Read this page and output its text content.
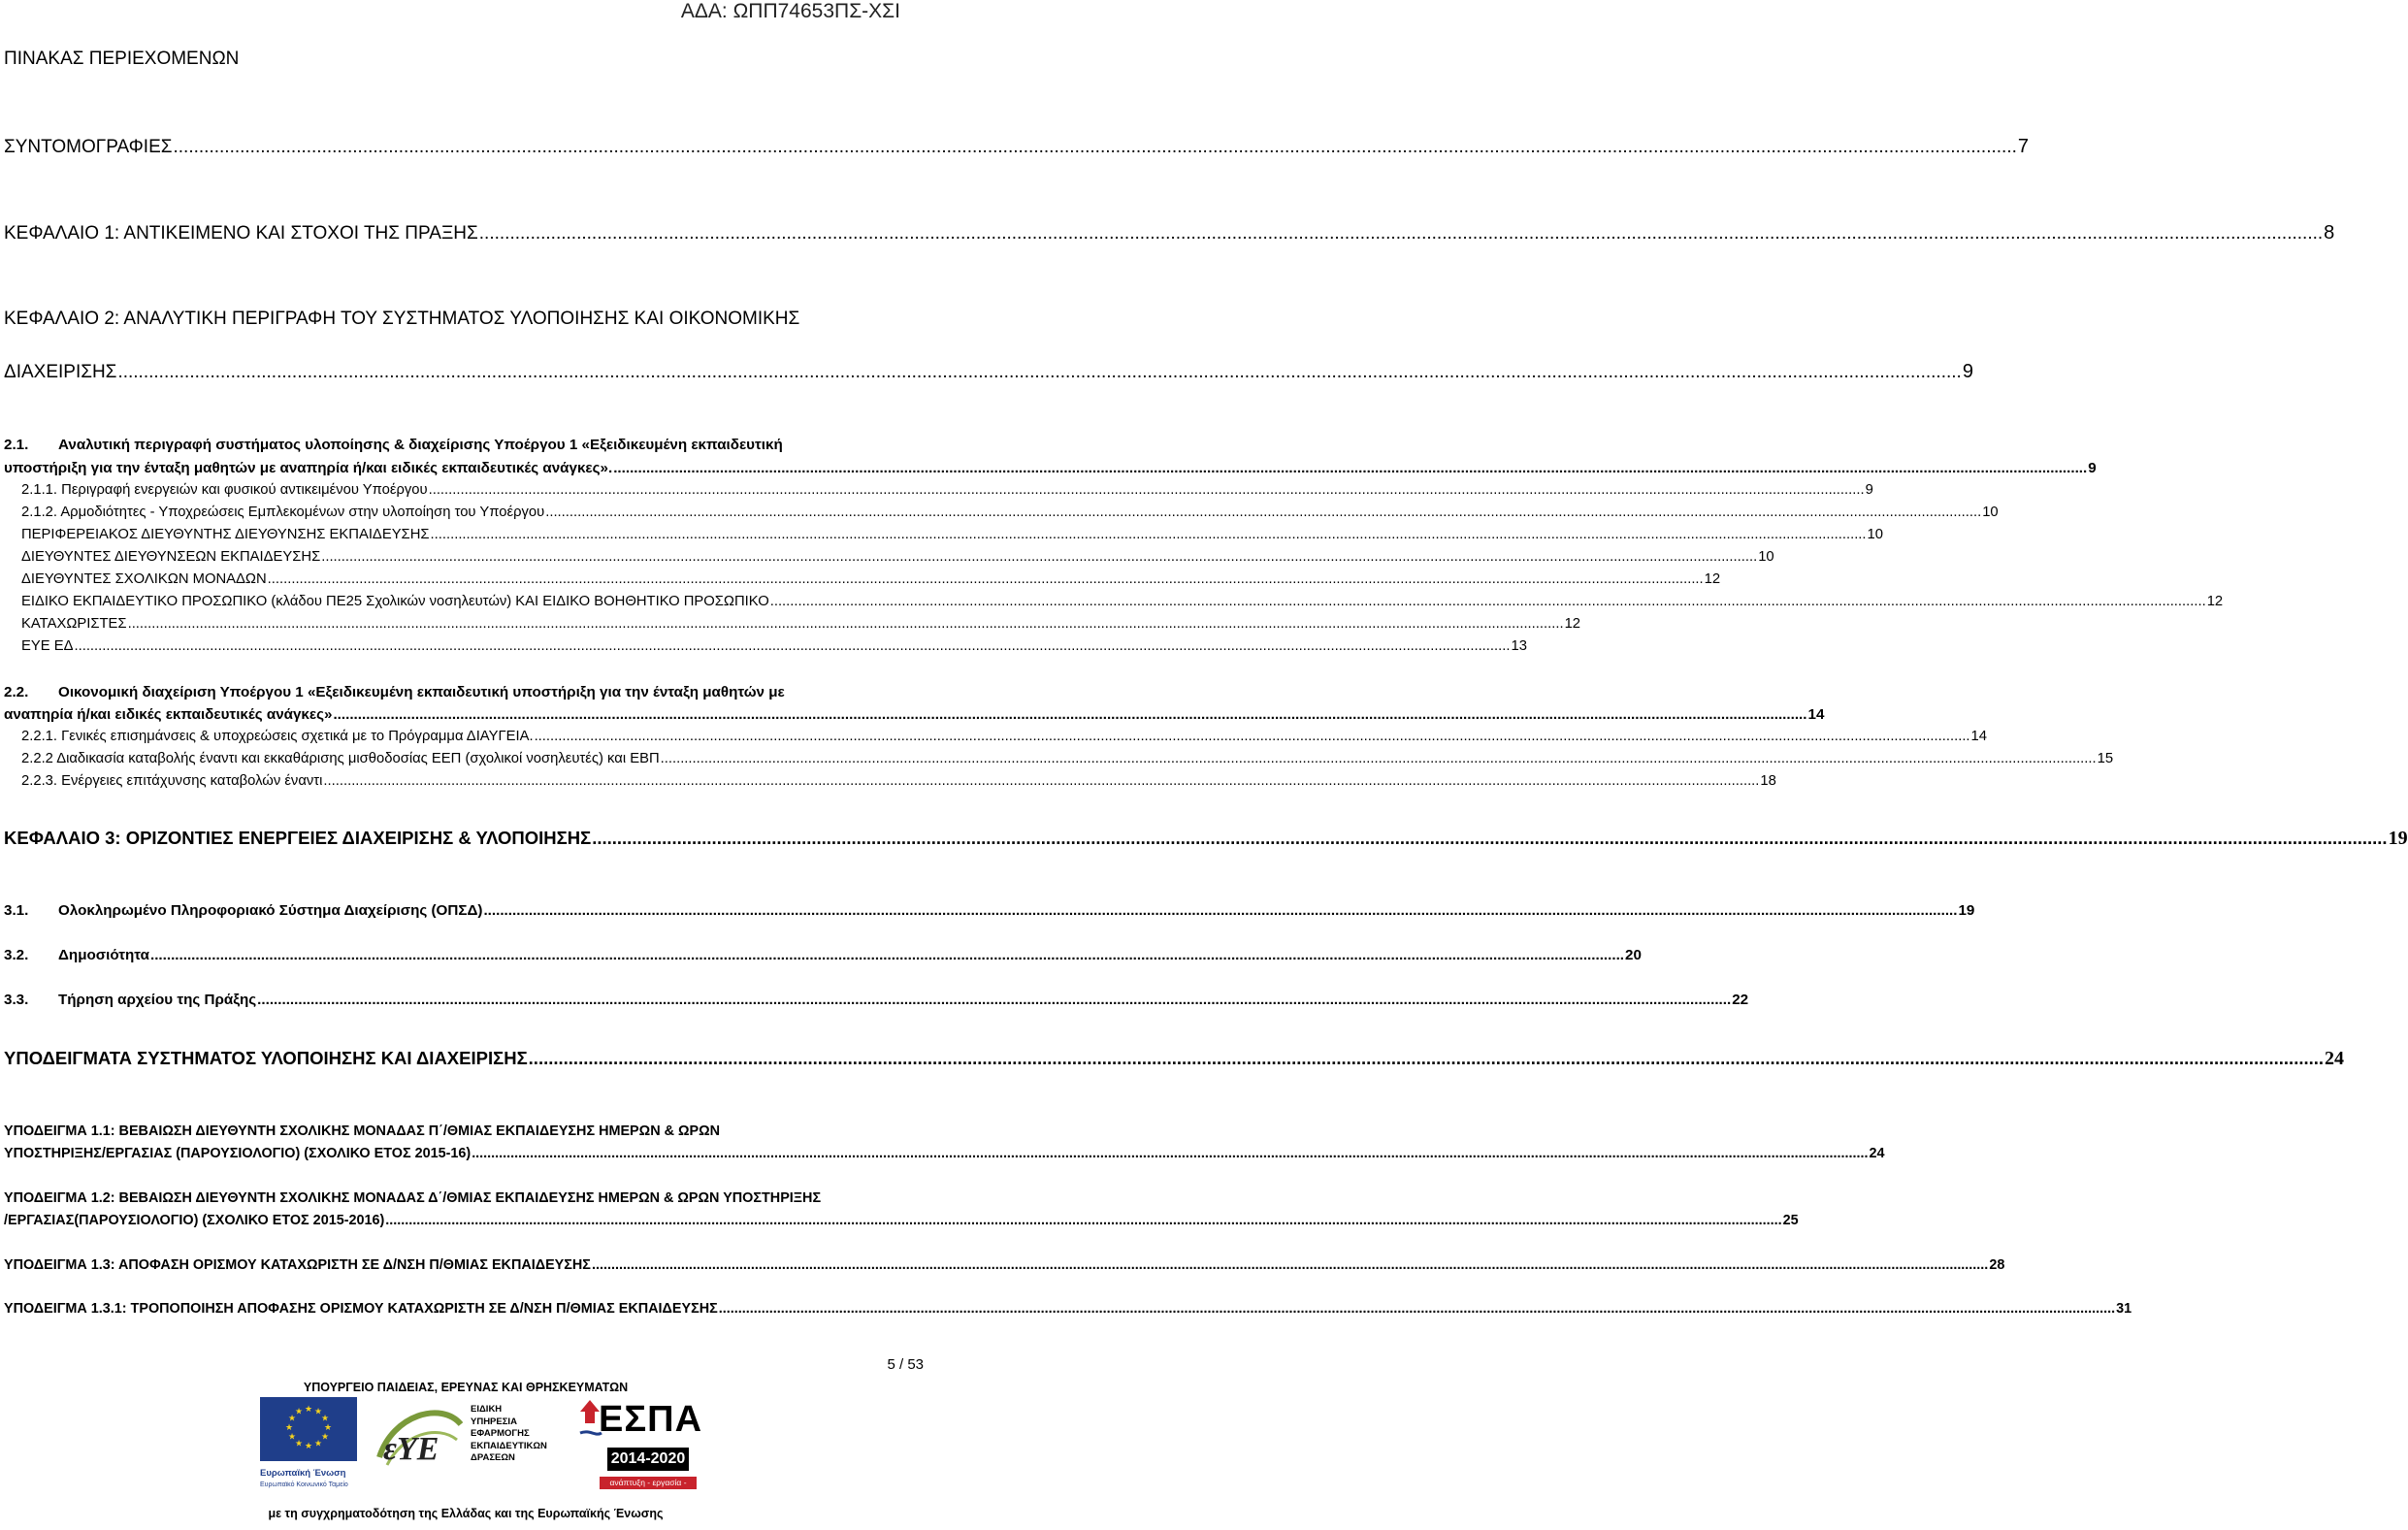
ΑΔΑ: ΩΠΠ74653ΠΣ-ΧΣΙ
ΠΙΝΑΚΑΣ ΠΕΡΙΕΧΟΜΕΝΩΝ
ΣΥΝΤΟΜΟΓΡΑΦΙΕΣ .....	7
ΚΕΦΑΛΑΙΟ 1: ΑΝΤΙΚΕΙΜΕΝΟ ΚΑΙ ΣΤΟΧΟΙ ΤΗΣ ΠΡΑΞΗΣ .....	8
ΚΕΦΑΛΑΙΟ 2: ΑΝΑΛΥΤΙΚΗ ΠΕΡΙΓΡΑΦΗ ΤΟΥ ΣΥΣΤΗΜΑΤΟΣ ΥΛΟΠΟΙΗΣΗΣ ΚΑΙ ΟΙΚΟΝΟΜΙΚΗΣ
ΔΙΑΧΕΙΡΙΣΗΣ .....	9
2.1. Αναλυτική περιγραφή συστήματος υλοποίησης & διαχείρισης Υποέργου 1 «Εξειδικευμένη εκπαιδευτική
υποστήριξη για την ένταξη μαθητών με αναπηρία ή/και ειδικές εκπαιδευτικές ανάγκες». .....	9
2.1.1. Περιγραφή ενεργειών και φυσικού αντικειμένου Υποέργου .....	9
2.1.2. Αρμοδιότητες - Υποχρεώσεις Εμπλεκομένων στην υλοποίηση του Υποέργου .....	10
ΠΕΡΙΦΕΡΕΙΑΚΟΣ ΔΙΕΥΘΥΝΤΗΣ ΔΙΕΥΘΥΝΣΗΣ ΕΚΠΑΙΔΕΥΣΗΣ .....	10
ΔΙΕΥΘΥΝΤΕΣ ΔΙΕΥΘΥΝΣΕΩΝ ΕΚΠΑΙΔΕΥΣΗΣ .....	10
ΔΙΕΥΘΥΝΤΕΣ ΣΧΟΛΙΚΩΝ ΜΟΝΑΔΩΝ .....	12
ΕΙΔΙΚΟ ΕΚΠΑΙΔΕΥΤΙΚΟ ΠΡΟΣΩΠΙΚΟ (κλάδου ΠΕ25 Σχολικών νοσηλευτών) ΚΑΙ ΕΙΔΙΚΟ ΒΟΗΘΗΤΙΚΟ ΠΡΟΣΩΠΙΚΟ .....	12
ΚΑΤΑΧΩΡΙΣΤΕΣ .....	12
ΕΥΕ ΕΔ .....	13
2.2. Οικονομική διαχείριση Υποέργου 1 «Εξειδικευμένη εκπαιδευτική υποστήριξη για την ένταξη μαθητών με
αναπηρία ή/και ειδικές εκπαιδευτικές ανάγκες» .....	14
2.2.1. Γενικές επισημάνσεις & υποχρεώσεις σχετικά με το Πρόγραμμα ΔΙΑΥΓΕΙΑ. .....	14
2.2.2 Διαδικασία καταβολής έναντι και εκκαθάρισης μισθοδοσίας ΕΕΠ (σχολικοί νοσηλευτές) και ΕΒΠ .....	15
2.2.3. Ενέργειες επιτάχυνσης καταβολών έναντι .....	18
ΚΕΦΑΛΑΙΟ 3: ΟΡΙΖΟΝΤΙΕΣ ΕΝΕΡΓΕΙΕΣ ΔΙΑΧΕΙΡΙΣΗΣ & ΥΛΟΠΟΙΗΣΗΣ .....	19
3.1. Ολοκληρωμένο Πληροφοριακό Σύστημα Διαχείρισης (ΟΠΣΔ) .....	19
3.2. Δημοσιότητα .....	20
3.3. Τήρηση αρχείου της Πράξης .....	22
ΥΠΟΔΕΙΓΜΑΤΑ ΣΥΣΤΗΜΑΤΟΣ ΥΛΟΠΟΙΗΣΗΣ ΚΑΙ ΔΙΑΧΕΙΡΙΣΗΣ .....	24
ΥΠΟΔΕΙΓΜΑ 1.1: ΒΕΒΑΙΩΣΗ ΔΙΕΥΘΥΝΤΗ ΣΧΟΛΙΚΗΣ ΜΟΝΑΔΑΣ Π΄/ΘΜΙΑΣ ΕΚΠΑΙΔΕΥΣΗΣ ΗΜΕΡΩΝ & ΩΡΩΝ
ΥΠΟΣΤΗΡΙΞΗΣ/ΕΡΓΑΣΙΑΣ (ΠΑΡΟΥΣΙΟΛΟΓΙΟ) (ΣΧΟΛΙΚΟ ΕΤΟΣ 2015-16) .....	24
ΥΠΟΔΕΙΓΜΑ 1.2: ΒΕΒΑΙΩΣΗ ΔΙΕΥΘΥΝΤΗ ΣΧΟΛΙΚΗΣ ΜΟΝΑΔΑΣ Δ΄/ΘΜΙΑΣ ΕΚΠΑΙΔΕΥΣΗΣ ΗΜΕΡΩΝ & ΩΡΩΝ ΥΠΟΣΤΗΡΙΞΗΣ
/ΕΡΓΑΣΙΑΣ(ΠΑΡΟΥΣΙΟΛΟΓΙΟ) (ΣΧΟΛΙΚΟ ΕΤΟΣ 2015-2016) .....	25
ΥΠΟΔΕΙΓΜΑ 1.3: ΑΠΟΦΑΣΗ ΟΡΙΣΜΟΥ ΚΑΤΑΧΩΡΙΣΤΗ ΣΕ Δ/ΝΣΗ Π/ΘΜΙΑΣ ΕΚΠΑΙΔΕΥΣΗΣ .....	28
ΥΠΟΔΕΙΓΜΑ 1.3.1: ΤΡΟΠΟΠΟΙΗΣΗ ΑΠΟΦΑΣΗΣ ΟΡΙΣΜΟΥ ΚΑΤΑΧΩΡΙΣΤΗ ΣΕ Δ/ΝΣΗ Π/ΘΜΙΑΣ ΕΚΠΑΙΔΕΥΣΗΣ .....	31
5 / 53
ΥΠΟΥΡΓΕΙΟ ΠΑΙΔΕΙΑΣ, ΕΡΕΥΝΑΣ ΚΑΙ ΘΡΗΣΚΕΥΜΑΤΩΝ
★ ★
★
★
★
★
★
★
★
★
★
★
Ευρωπαϊκή Ένωση
Ευρωπαϊκό Κοινωνικό Ταμείο
εΥΕ
ΕΙΔΙΚΗ
ΥΠΗΡΕΣΙΑ
ΕΦΑΡΜΟΓΗΣ
ΕΚΠΑΙΔΕΥΤΙΚΩΝ
ΔΡΑΣΕΩΝ
ΕΣΠΑ
2014-2020
ανάπτυξη - εργασία - αλληλεγγύη
με τη συγχρηματοδότηση της Ελλάδας και της Ευρωπαϊκής Ένωσης
